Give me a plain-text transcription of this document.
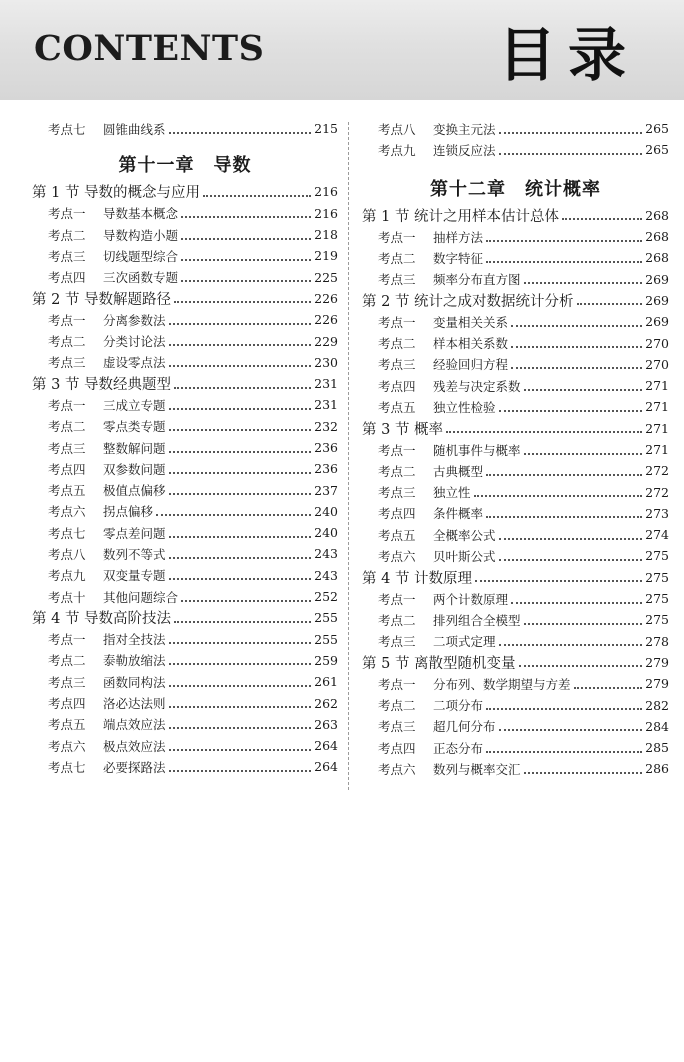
CONTENTS	目录
考点七	圆锥曲线系	215
第十一章　导数
第 1 节 导数的概念与应用	216
考点一	导数基本概念	216
考点二	导数构造小题	218
考点三	切线题型综合	219
考点四	三次函数专题	225
第 2 节 导数解题路径	226
考点一	分离参数法	226
考点二	分类讨论法	229
考点三	虚设零点法	230
第 3 节 导数经典题型	231
考点一	三成立专题	231
考点二	零点类专题	232
考点三	整数解问题	236
考点四	双参数问题	236
考点五	极值点偏移	237
考点六	拐点偏移	240
考点七	零点差问题	240
考点八	数列不等式	243
考点九	双变量专题	243
考点十	其他问题综合	252
第 4 节 导数高阶技法	255
考点一	指对全技法	255
考点二	泰勒放缩法	259
考点三	函数同构法	261
考点四	洛必达法则	262
考点五	端点效应法	263
考点六	极点效应法	264
考点七	必要探路法	264
考点八	变换主元法	265
考点九	连锁反应法	265
第十二章　统计概率
第 1 节 统计之用样本估计总体	268
考点一	抽样方法	268
考点二	数字特征	268
考点三	频率分布直方图	269
第 2 节 统计之成对数据统计分析	269
考点一	变量相关关系	269
考点二	样本相关系数	270
考点三	经验回归方程	270
考点四	残差与决定系数	271
考点五	独立性检验	271
第 3 节 概率	271
考点一	随机事件与概率	271
考点二	古典概型	272
考点三	独立性	272
考点四	条件概率	273
考点五	全概率公式	274
考点六	贝叶斯公式	275
第 4 节 计数原理	275
考点一	两个计数原理	275
考点二	排列组合全模型	275
考点三	二项式定理	278
第 5 节 离散型随机变量	279
考点一	分布列、数学期望与方差	279
考点二	二项分布	282
考点三	超几何分布	284
考点四	正态分布	285
考点六	数列与概率交汇	286
